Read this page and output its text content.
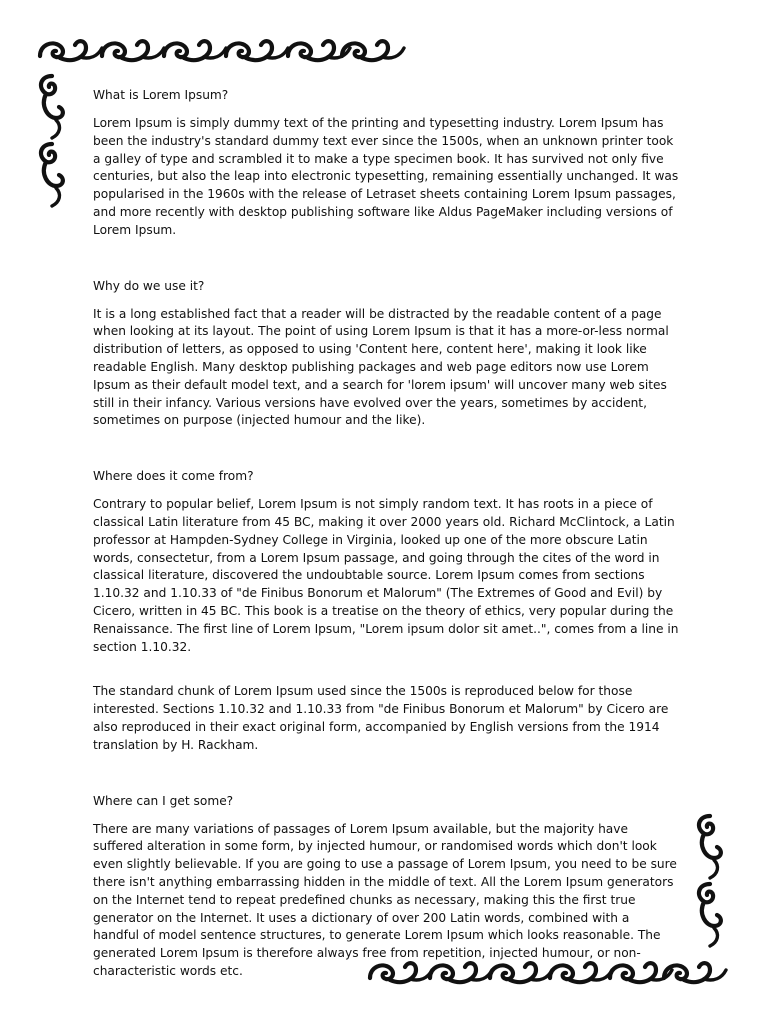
What is Lorem Ipsum?

Lorem Ipsum is simply dummy text of the printing and typesetting industry. Lorem Ipsum has been the industry's standard dummy text ever since the 1500s, when an unknown printer took a galley of type and scrambled it to make a type specimen book. It has survived not only five centuries, but also the leap into electronic typesetting, remaining essentially unchanged. It was popularised in the 1960s with the release of Letraset sheets containing Lorem Ipsum passages, and more recently with desktop publishing software like Aldus PageMaker including versions of Lorem Ipsum.

Why do we use it?

It is a long established fact that a reader will be distracted by the readable content of a page when looking at its layout. The point of using Lorem Ipsum is that it has a more-or-less normal distribution of letters, as opposed to using 'Content here, content here', making it look like readable English. Many desktop publishing packages and web page editors now use Lorem Ipsum as their default model text, and a search for 'lorem ipsum' will uncover many web sites still in their infancy. Various versions have evolved over the years, sometimes by accident, sometimes on purpose (injected humour and the like).

Where does it come from?

Contrary to popular belief, Lorem Ipsum is not simply random text. It has roots in a piece of classical Latin literature from 45 BC, making it over 2000 years old. Richard McClintock, a Latin professor at Hampden-Sydney College in Virginia, looked up one of the more obscure Latin words, consectetur, from a Lorem Ipsum passage, and going through the cites of the word in classical literature, discovered the undoubtable source. Lorem Ipsum comes from sections 1.10.32 and 1.10.33 of "de Finibus Bonorum et Malorum" (The Extremes of Good and Evil) by Cicero, written in 45 BC. This book is a treatise on the theory of ethics, very popular during the Renaissance. The first line of Lorem Ipsum, "Lorem ipsum dolor sit amet..", comes from a line in section 1.10.32.

The standard chunk of Lorem Ipsum used since the 1500s is reproduced below for those interested. Sections 1.10.32 and 1.10.33 from "de Finibus Bonorum et Malorum" by Cicero are also reproduced in their exact original form, accompanied by English versions from the 1914 translation by H. Rackham.

Where can I get some?

There are many variations of passages of Lorem Ipsum available, but the majority have suffered alteration in some form, by injected humour, or randomised words which don't look even slightly believable. If you are going to use a passage of Lorem Ipsum, you need to be sure there isn't anything embarrassing hidden in the middle of text. All the Lorem Ipsum generators on the Internet tend to repeat predefined chunks as necessary, making this the first true generator on the Internet. It uses a dictionary of over 200 Latin words, combined with a handful of model sentence structures, to generate Lorem Ipsum which looks reasonable. The generated Lorem Ipsum is therefore always free from repetition, injected humour, or non-characteristic words etc.
